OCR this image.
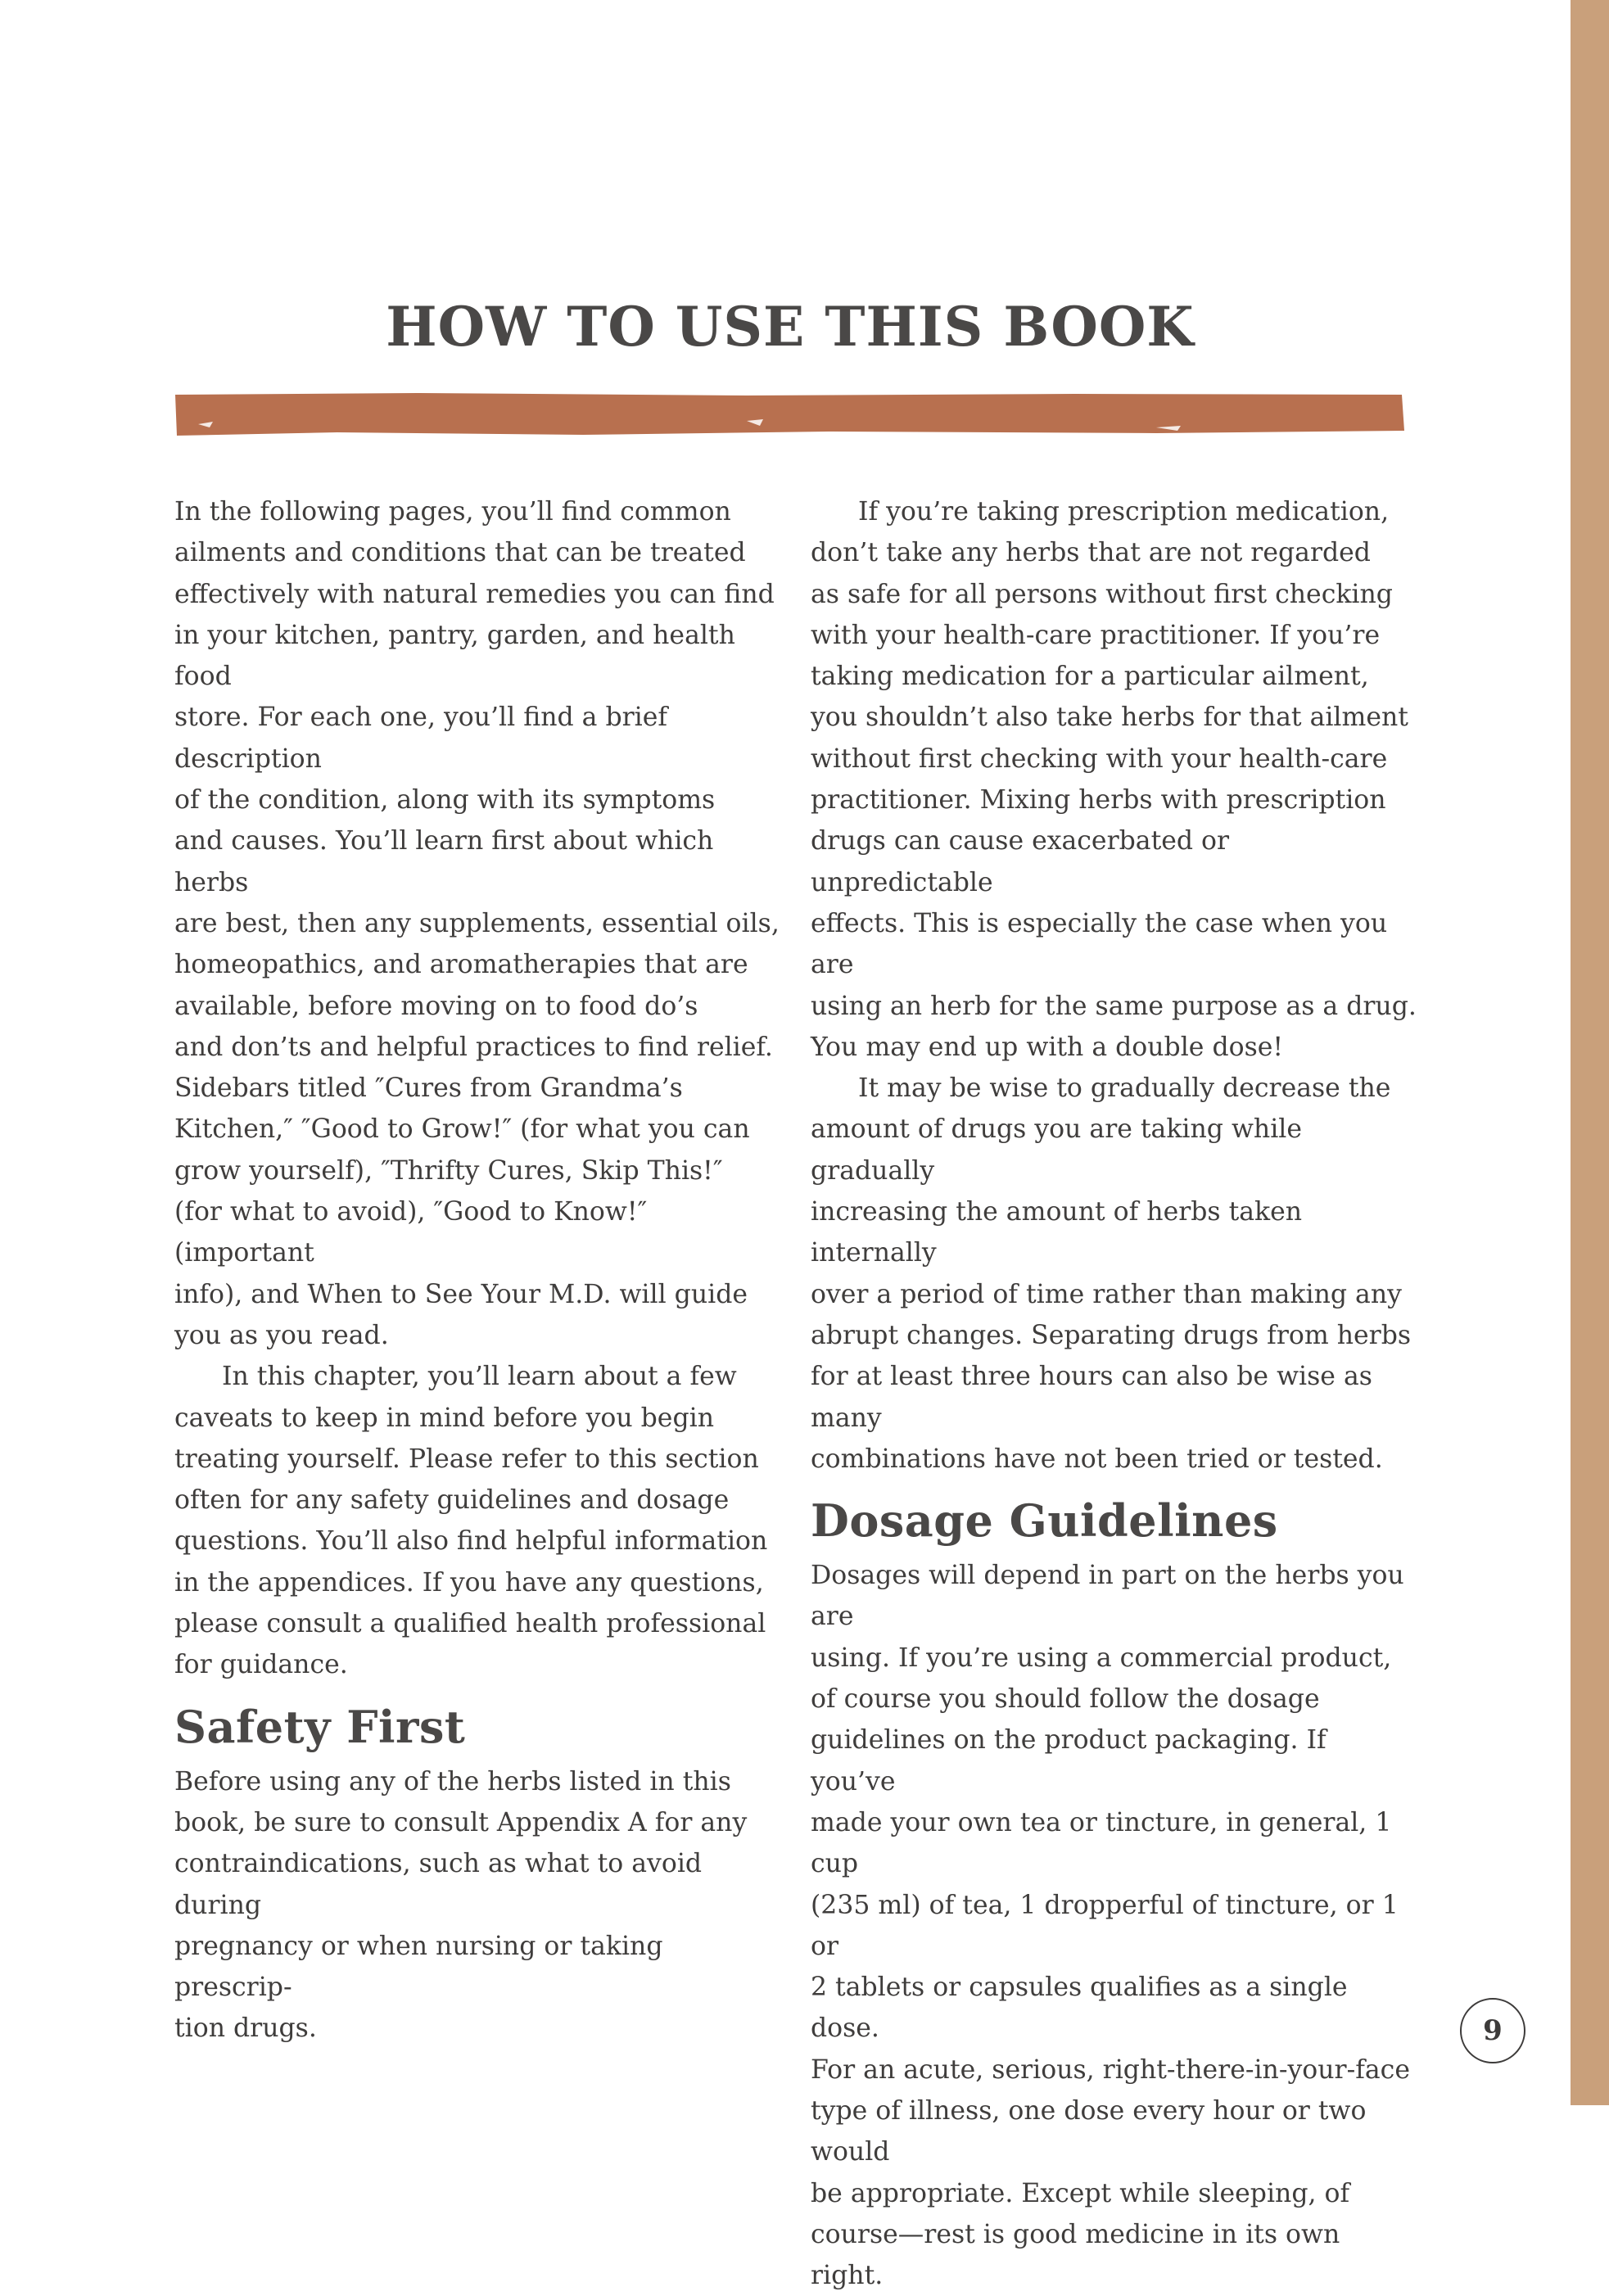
HOW TO USE THIS BOOK

In the following pages, you’ll find common
ailments and conditions that can be treated
effectively with natural remedies you can find
in your kitchen, pantry, garden, and health food
store. For each one, you’ll find a brief description
of the condition, along with its symptoms
and causes. You’ll learn first about which herbs
are best, then any supplements, essential oils,
homeopathics, and aromatherapies that are
available, before moving on to food do’s
and don’ts and helpful practices to find relief.
Sidebars titled ″Cures from Grandma’s
Kitchen,″ ″Good to Grow!″ (for what you can
grow yourself), ″Thrifty Cures, Skip This!″
(for what to avoid), ″Good to Know!″ (important
info), and When to See Your M.D. will guide
you as you read.

In this chapter, you’ll learn about a few
caveats to keep in mind before you begin
treating yourself. Please refer to this section
often for any safety guidelines and dosage
questions. You’ll also find helpful information
in the appendices. If you have any questions,
please consult a qualified health professional
for guidance.

Safety First

Before using any of the herbs listed in this
book, be sure to consult Appendix A for any
contraindications, such as what to avoid during
pregnancy or when nursing or taking prescrip-
tion drugs.

If you’re taking prescription medication,
don’t take any herbs that are not regarded
as safe for all persons without first checking
with your health-care practitioner. If you’re
taking medication for a particular ailment,
you shouldn’t also take herbs for that ailment
without first checking with your health-care
practitioner. Mixing herbs with prescription
drugs can cause exacerbated or unpredictable
effects. This is especially the case when you are
using an herb for the same purpose as a drug.
You may end up with a double dose!

It may be wise to gradually decrease the
amount of drugs you are taking while gradually
increasing the amount of herbs taken internally
over a period of time rather than making any
abrupt changes. Separating drugs from herbs
for at least three hours can also be wise as many
combinations have not been tried or tested.

Dosage Guidelines

Dosages will depend in part on the herbs you are
using. If you’re using a commercial product,
of course you should follow the dosage
guidelines on the product packaging. If you’ve
made your own tea or tincture, in general, 1 cup
(235 ml) of tea, 1 dropperful of tincture, or 1 or
2 tablets or capsules qualifies as a single dose.
For an acute, serious, right-there-in-your-face
type of illness, one dose every hour or two would
be appropriate. Except while sleeping, of
course—rest is good medicine in its own right.

9
